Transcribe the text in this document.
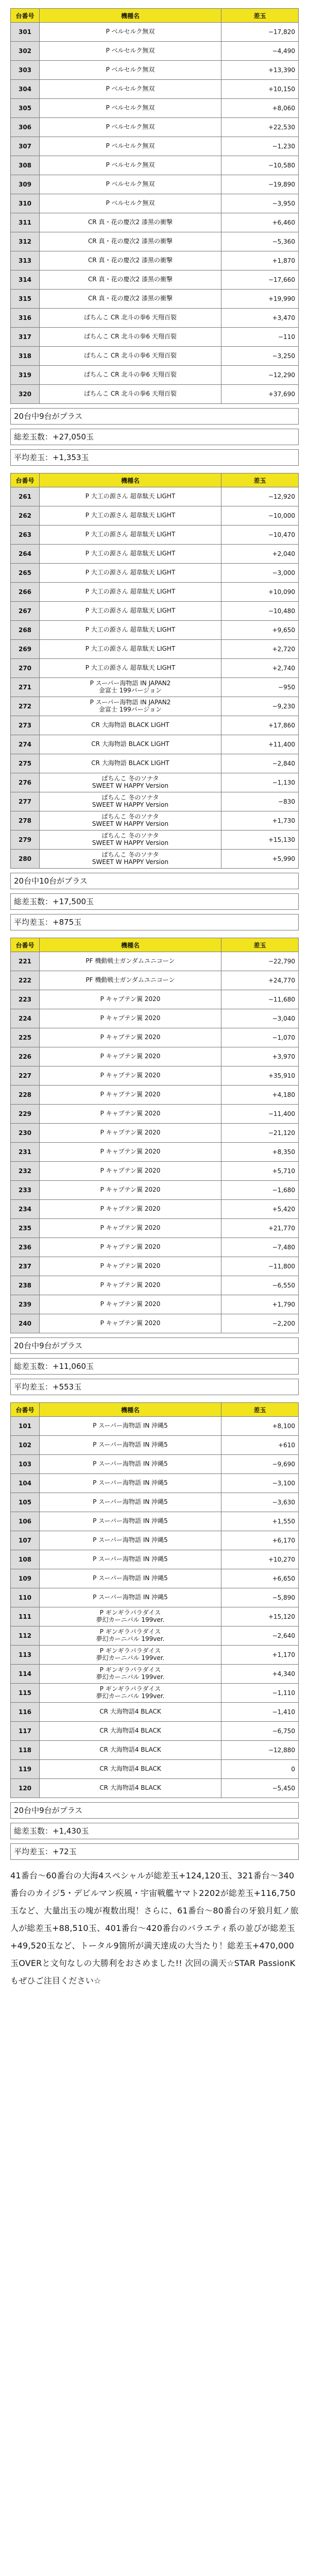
台番号	機種名	差玉
301	P ベルセルク無双	−17,820
302	P ベルセルク無双	−4,490
303	P ベルセルク無双	+13,390
304	P ベルセルク無双	+10,150
305	P ベルセルク無双	+8,060
306	P ベルセルク無双	+22,530
307	P ベルセルク無双	−1,230
308	P ベルセルク無双	−10,580
309	P ベルセルク無双	−19,890
310	P ベルセルク無双	−3,950
311	CR 真・花の慶次2 漆黒の衝撃	+6,460
312	CR 真・花の慶次2 漆黒の衝撃	−5,360
313	CR 真・花の慶次2 漆黒の衝撃	+1,870
314	CR 真・花の慶次2 漆黒の衝撃	−17,660
315	CR 真・花の慶次2 漆黒の衝撃	+19,990
316	ぱちんこ CR 北斗の拳6 天翔百裂	+3,470
317	ぱちんこ CR 北斗の拳6 天翔百裂	−110
318	ぱちんこ CR 北斗の拳6 天翔百裂	−3,250
319	ぱちんこ CR 北斗の拳6 天翔百裂	−12,290
320	ぱちんこ CR 北斗の拳6 天翔百裂	+37,690
20台中9台がプラス
総差玉数：+27,050玉
平均差玉：+1,353玉
台番号	機種名	差玉
261	P 大工の源さん 超韋駄天 LIGHT	−12,920
262	P 大工の源さん 超韋駄天 LIGHT	−10,000
263	P 大工の源さん 超韋駄天 LIGHT	−10,470
264	P 大工の源さん 超韋駄天 LIGHT	+2,040
265	P 大工の源さん 超韋駄天 LIGHT	−3,000
266	P 大工の源さん 超韋駄天 LIGHT	+10,090
267	P 大工の源さん 超韋駄天 LIGHT	−10,480
268	P 大工の源さん 超韋駄天 LIGHT	+9,650
269	P 大工の源さん 超韋駄天 LIGHT	+2,720
270	P 大工の源さん 超韋駄天 LIGHT	+2,740
271	P スーパー海物語 IN JAPAN2
金富士 199バージョン	−950
272	P スーパー海物語 IN JAPAN2
金富士 199バージョン	−9,230
273	CR 大海物語 BLACK LIGHT	+17,860
274	CR 大海物語 BLACK LIGHT	+11,400
275	CR 大海物語 BLACK LIGHT	−2,840
276	ぱちんこ 冬のソナタ
SWEET W HAPPY Version	−1,130
277	ぱちんこ 冬のソナタ
SWEET W HAPPY Version	−830
278	ぱちんこ 冬のソナタ
SWEET W HAPPY Version	+1,730
279	ぱちんこ 冬のソナタ
SWEET W HAPPY Version	+15,130
280	ぱちんこ 冬のソナタ
SWEET W HAPPY Version	+5,990
20台中10台がプラス
総差玉数：+17,500玉
平均差玉：+875玉
台番号	機種名	差玉
221	PF 機動戦士ガンダムユニコーン	−22,790
222	PF 機動戦士ガンダムユニコーン	+24,770
223	P キャプテン翼 2020	−11,680
224	P キャプテン翼 2020	−3,040
225	P キャプテン翼 2020	−1,070
226	P キャプテン翼 2020	+3,970
227	P キャプテン翼 2020	+35,910
228	P キャプテン翼 2020	+4,180
229	P キャプテン翼 2020	−11,400
230	P キャプテン翼 2020	−21,120
231	P キャプテン翼 2020	+8,350
232	P キャプテン翼 2020	+5,710
233	P キャプテン翼 2020	−1,680
234	P キャプテン翼 2020	+5,420
235	P キャプテン翼 2020	+21,770
236	P キャプテン翼 2020	−7,480
237	P キャプテン翼 2020	−11,800
238	P キャプテン翼 2020	−6,550
239	P キャプテン翼 2020	+1,790
240	P キャプテン翼 2020	−2,200
20台中9台がプラス
総差玉数：+11,060玉
平均差玉：+553玉
台番号	機種名	差玉
101	P スーパー海物語 IN 沖縄5	+8,100
102	P スーパー海物語 IN 沖縄5	+610
103	P スーパー海物語 IN 沖縄5	−9,690
104	P スーパー海物語 IN 沖縄5	−3,100
105	P スーパー海物語 IN 沖縄5	−3,630
106	P スーパー海物語 IN 沖縄5	+1,550
107	P スーパー海物語 IN 沖縄5	+6,170
108	P スーパー海物語 IN 沖縄5	+10,270
109	P スーパー海物語 IN 沖縄5	+6,650
110	P スーパー海物語 IN 沖縄5	−5,890
111	P ギンギラパラダイス
夢幻カーニバル 199ver.	+15,120
112	P ギンギラパラダイス
夢幻カーニバル 199ver.	−2,640
113	P ギンギラパラダイス
夢幻カーニバル 199ver.	+1,170
114	P ギンギラパラダイス
夢幻カーニバル 199ver.	+4,340
115	P ギンギラパラダイス
夢幻カーニバル 199ver.	−1,110
116	CR 大海物語4 BLACK	−1,410
117	CR 大海物語4 BLACK	−6,750
118	CR 大海物語4 BLACK	−12,880
119	CR 大海物語4 BLACK	0
120	CR 大海物語4 BLACK	−5,450
20台中9台がプラス
総差玉数：+1,430玉
平均差玉：+72玉

41番台〜60番台の大海4スペシャルが総差玉+124,120玉、321番台〜340番台のカイジ5・デビルマン疾風・宇宙戦艦ヤマト2202が総差玉+116,750玉など、大量出玉の塊が複数出現！さらに、61番台〜80番台の牙狼月虹ノ旅人が総差玉+88,510玉、401番台〜420番台のバラエティ系の並びが総差玉+49,520玉など、トータル9箇所が満天達成の大当たり！総差玉+470,000玉OVERと文句なしの大勝利をおさめました!! 次回の満天☆STAR PassionKもぜひご注目ください☆
